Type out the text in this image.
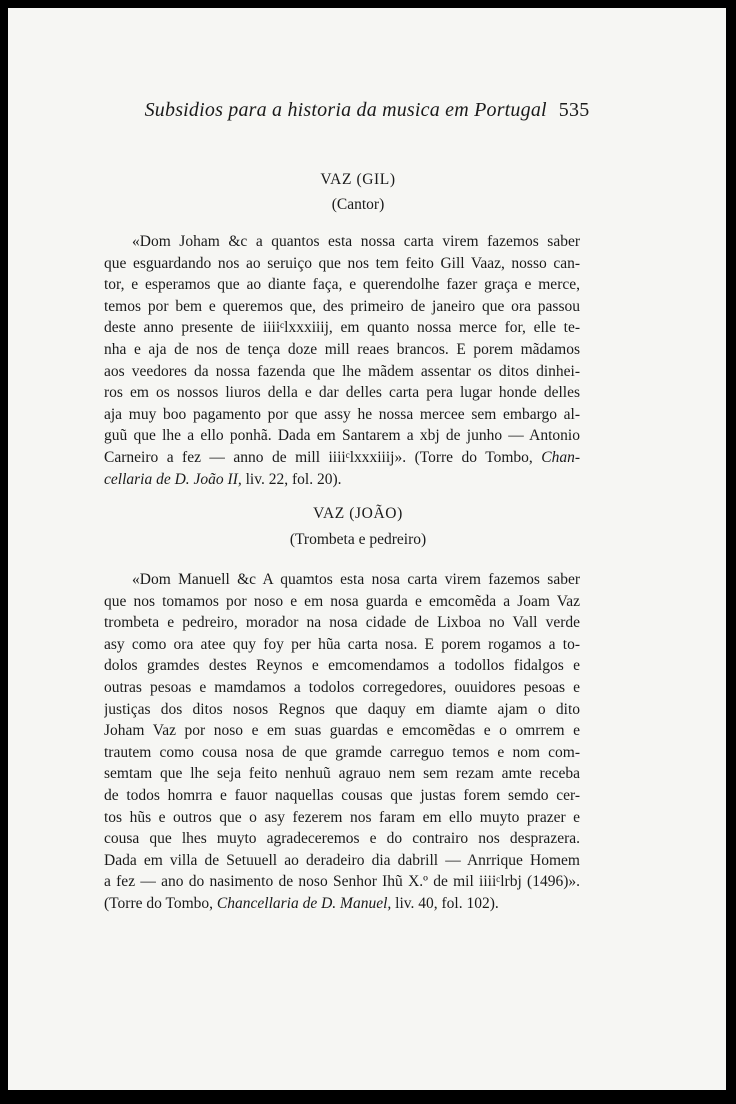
Subsidios para a historia da musica em Portugal 535
VAZ (GIL)
(Cantor)
«Dom Joham &c a quantos esta nossa carta virem fazemos saber
que esguardando nos ao seruiço que nos tem feito Gill Vaaz, nosso can-
tor, e esperamos que ao diante faça, e querendolhe fazer graça e merce,
temos por bem e queremos que, des primeiro de janeiro que ora passou
deste anno presente de iiiiᶜlxxxiiij, em quanto nossa merce for, elle te-
nha e aja de nos de tença doze mill reaes brancos. E porem mãdamos
aos veedores da nossa fazenda que lhe mãdem assentar os ditos dinhei-
ros em os nossos liuros della e dar delles carta pera lugar honde delles
aja muy boo pagamento por que assy he nossa mercee sem embargo al-
guũ que lhe a ello ponhã. Dada em Santarem a xbj de junho — Antonio
Carneiro a fez — anno de mill iiiiᶜlxxxiiij». (Torre do Tombo, Chan-
cellaria de D. João II, liv. 22, fol. 20).
VAZ (JOÃO)
(Trombeta e pedreiro)
«Dom Manuell &c A quamtos esta nosa carta virem fazemos saber
que nos tomamos por noso e em nosa guarda e emcomẽda a Joam Vaz
trombeta e pedreiro, morador na nosa cidade de Lixboa no Vall verde
asy como ora atee quy foy per hũa carta nosa. E porem rogamos a to-
dolos gramdes destes Reynos e emcomendamos a todollos fidalgos e
outras pesoas e mamdamos a todolos corregedores, ouuidores pesoas e
justiças dos ditos nosos Regnos que daquy em diamte ajam o dito
Joham Vaz por noso e em suas guardas e emcomẽdas e o omrrem e
trautem como cousa nosa de que gramde carreguo temos e nom com-
semtam que lhe seja feito nenhuũ agrauo nem sem rezam amte receba
de todos homrra e fauor naquellas cousas que justas forem semdo cer-
tos hũs e outros que o asy fezerem nos faram em ello muyto prazer e
cousa que lhes muyto agradeceremos e do contrairo nos desprazera.
Dada em villa de Setuuell ao deradeiro dia dabrill — Anrrique Homem
a fez — ano do nasimento de noso Senhor Ihũ X.º de mil iiiiᶜlrbj (1496)».
(Torre do Tombo, Chancellaria de D. Manuel, liv. 40, fol. 102).
